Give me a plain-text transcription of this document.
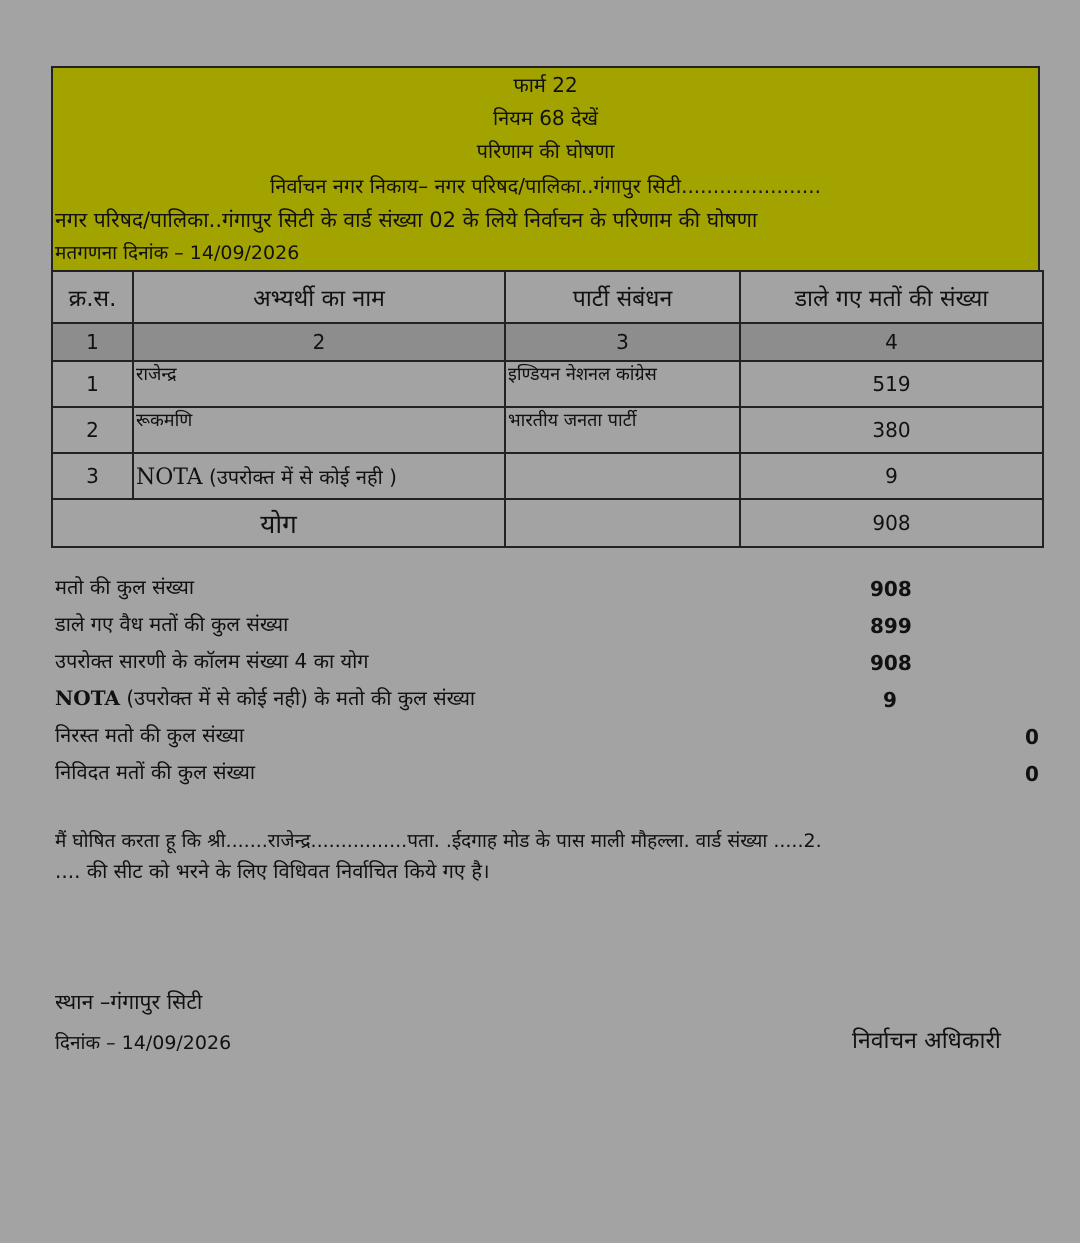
फार्म 22
नियम 68 देखें
परिणाम की घोषणा
निर्वाचन नगर निकाय– नगर परिषद/पालिका..गंगापुर सिटी......................
नगर परिषद/पालिका..गंगापुर सिटी के वार्ड संख्या 02 के लिये निर्वाचन के परिणाम की घोषणा
मतगणना दिनांक – 14/09/2026
क्र.स.	अभ्यर्थी का नाम	पार्टी संबंधन	डाले गए मतों की संख्या
1	2	3	4
1	राजेन्द्र	इण्डियन नेशनल कांग्रेस	519
2	रूकमणि	भारतीय जनता पार्टी	380
3	NOTA (उपरोक्त में से कोई नही )		9
योग			908
मतो की कुल संख्या	908
डाले गए वैध मतों की कुल संख्या	899
उपरोक्त सारणी के कॉलम संख्या 4 का योग	908
NOTA (उपरोक्त में से कोई नही) के मतो की कुल संख्या	9
निरस्त मतो की कुल संख्या	0
निविदत मतों की कुल संख्या	0
मैं घोषित करता हू कि श्री.......राजेन्द्र................पता. .ईदगाह मोड के पास माली मौहल्ला. वार्ड संख्या .....2.
.... की सीट को भरने के लिए विधिवत निर्वाचित किये गए है।
स्थान –गंगापुर सिटी
दिनांक – 14/09/2026	निर्वाचन अधिकारी
